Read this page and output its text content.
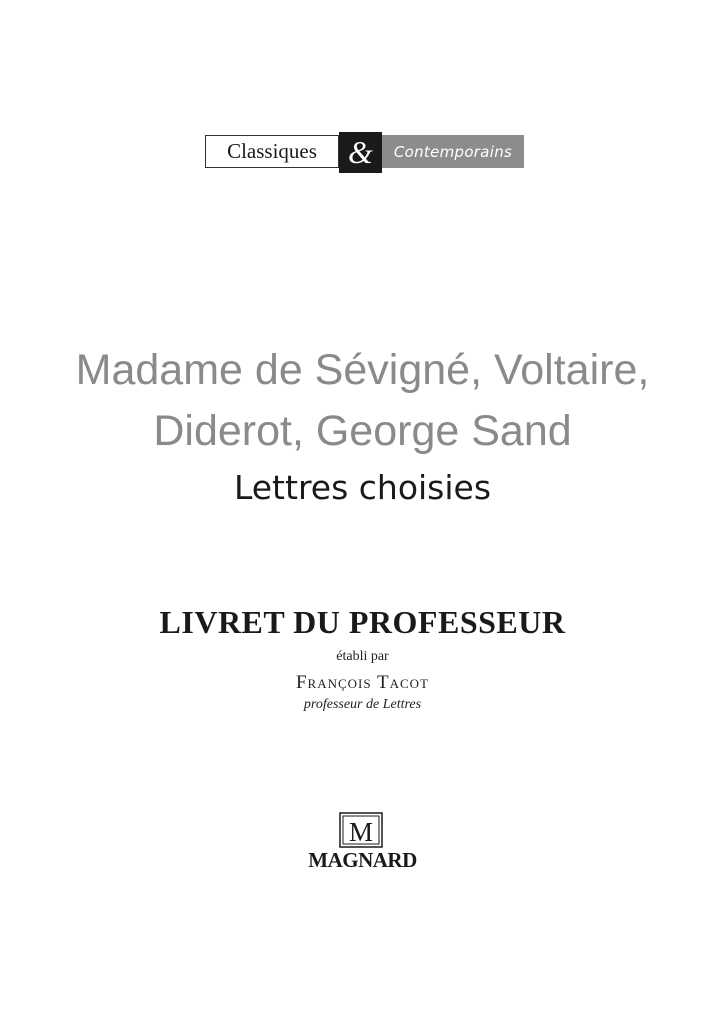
Classiques &	Contemporains
Madame de Sévigné, Voltaire,
Diderot, George Sand
Lettres choisies
LIVRET DU PROFESSEUR
établi par
François Tacot
professeur de Lettres
M
MAGNARD
